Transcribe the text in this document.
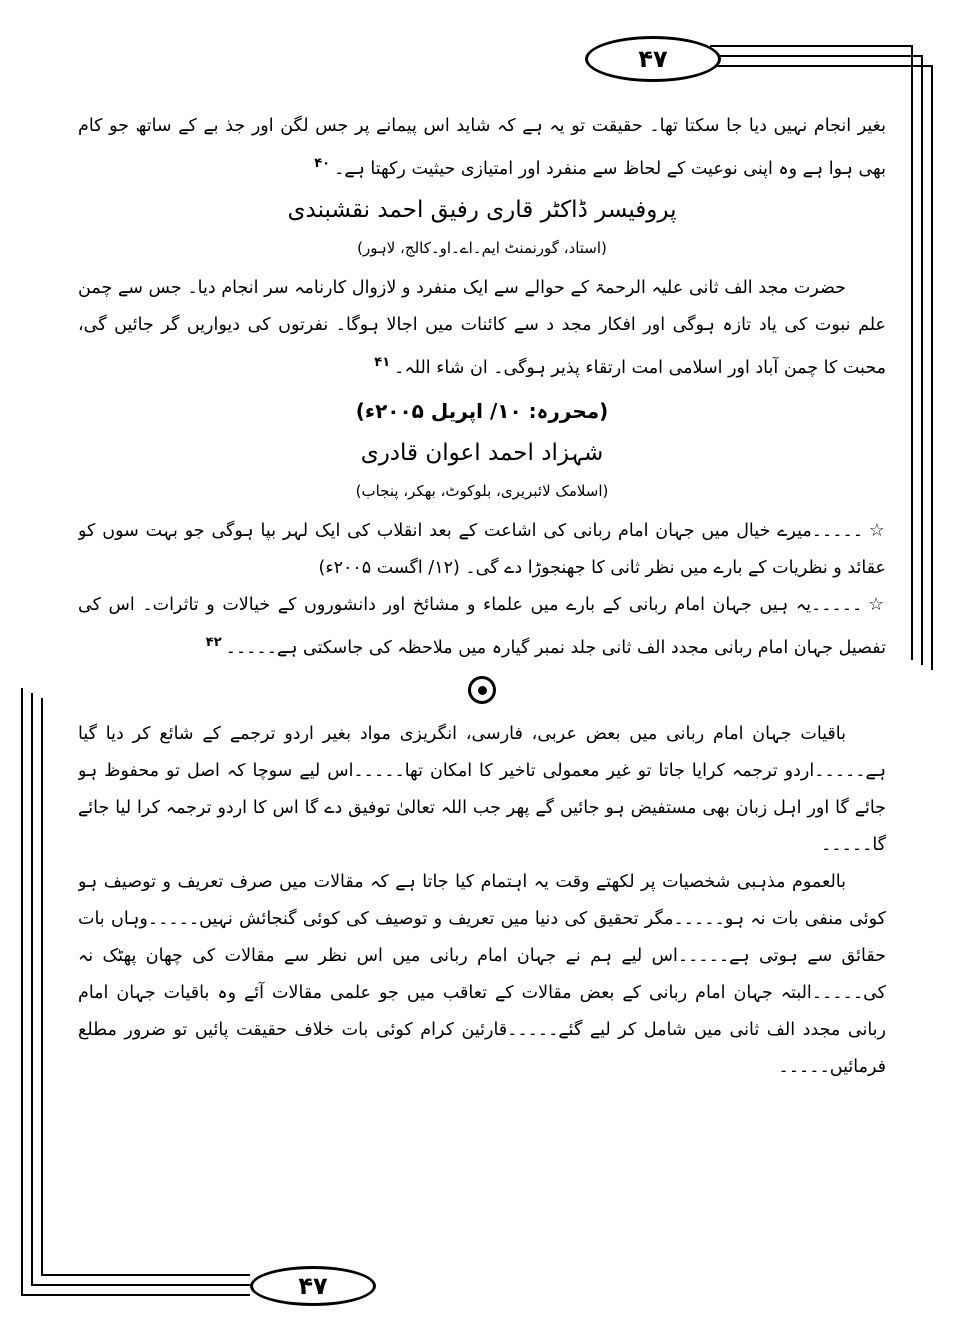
۴۷
۴۷

بغیر انجام نہیں دیا جا سکتا تھا۔ حقیقت تو یہ ہے کہ شاید اس پیمانے پر جس لگن اور جذ بے کے ساتھ جو کام بھی ہوا ہے وہ اپنی نوعیت کے لحاظ سے منفرد اور امتیازی حیثیت رکھتا ہے۔$^{۴۰}$

پروفیسر ڈاکٹر قاری رفیق احمد نقشبندی

(استاد، گورنمنٹ ایم۔اے۔او۔کالج، لاہور)

حضرت مجد الف ثانی علیہ الرحمۃ کے حوالے سے ایک منفرد و لازوال کارنامہ سر انجام دیا۔ جس سے چمن علم نبوت کی یاد تازہ ہوگی اور افکار مجد د سے کائنات میں اجالا ہوگا۔ نفرتوں کی دیواریں گر جائیں گی، محبت کا چمن آباد اور اسلامی امت ارتقاء پذیر ہوگی۔ ان شاء اللہ۔$^{۴۱}$

(محررہ: ۱۰/ اپریل ۲۰۰۵ء)

شہزاد احمد اعوان قادری

(اسلامک لائبریری، بلوکوٹ، بھکر، پنجاب)

☆۔۔۔۔۔میرے خیال میں جہان امام ربانی کی اشاعت کے بعد انقلاب کی ایک لہر بپا ہوگی جو بہت سوں کو عقائد و نظریات کے بارے میں نظر ثانی کا جھنجوڑا دے گی۔ (۱۲/ اگست ۲۰۰۵ء)

☆۔۔۔۔۔یہ ہیں جہان امام ربانی کے بارے میں علماء و مشائخ اور دانشوروں کے خیالات و تاثرات۔ اس کی تفصیل جہان امام ربانی مجدد الف ثانی جلد نمبر گیارہ میں ملاحظہ کی جاسکتی ہے۔۔۔۔۔$^{۴۲}$

باقیات جہان امام ربانی میں بعض عربی، فارسی، انگریزی مواد بغیر اردو ترجمے کے شائع کر دیا گیا ہے۔۔۔۔۔اردو ترجمہ کرایا جاتا تو غیر معمولی تاخیر کا امکان تھا۔۔۔۔۔اس لیے سوچا کہ اصل تو محفوظ ہو جائے گا اور اہل زبان بھی مستفیض ہو جائیں گے پھر جب اللہ تعالیٰ توفیق دے گا اس کا اردو ترجمہ کرا لیا جائے گا۔۔۔۔۔

بالعموم مذہبی شخصیات پر لکھتے وقت یہ اہتمام کیا جاتا ہے کہ مقالات میں صرف تعریف و توصیف ہو کوئی منفی بات نہ ہو۔۔۔۔۔مگر تحقیق کی دنیا میں تعریف و توصیف کی کوئی گنجائش نہیں۔۔۔۔۔وہاں بات حقائق سے ہوتی ہے۔۔۔۔۔اس لیے ہم نے جہان امام ربانی میں اس نظر سے مقالات کی چھان پھٹک نہ کی۔۔۔۔۔البتہ جہان امام ربانی کے بعض مقالات کے تعاقب میں جو علمی مقالات آئے وہ باقیات جہان امام ربانی مجدد الف ثانی میں شامل کر لیے گئے۔۔۔۔۔قارئین کرام کوئی بات خلاف حقیقت پائیں تو ضرور مطلع فرمائیں۔۔۔۔۔
